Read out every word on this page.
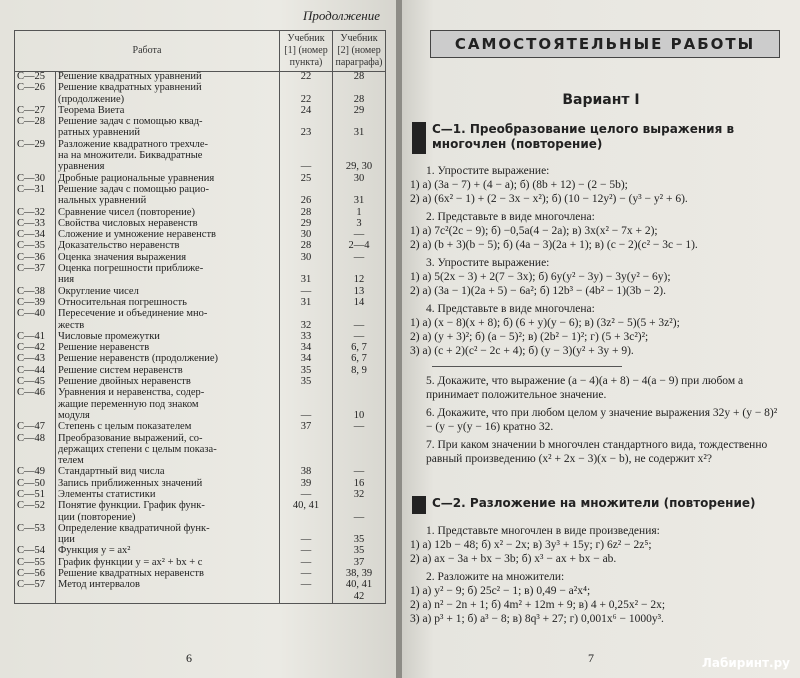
Продолжение
Работа		Учебник [1] (номер пункта)	Учебник [2] (номер параграфа)
С—25	Решение квадратных уравнений	22	28
С—26	Решение квадратных уравнений		
	(продолжение)	22	28
С—27	Теорема Виета	24	29
С—28	Решение задач с помощью квад-		
	ратных уравнений	23	31
С—29	Разложение квадратного трехчле-		
	на на множители. Биквадратные		
	уравнения	—	29, 30
С—30	Дробные рациональные уравнения	25	30
С—31	Решение задач с помощью рацио-		
	нальных уравнений	26	31
С—32	Сравнение чисел (повторение)	28	1
С—33	Свойства числовых неравенств	29	3
С—34	Сложение и умножение неравенств	30	—
С—35	Доказательство неравенств	28	2—4
С—36	Оценка значения выражения	30	—
С—37	Оценка погрешности приближе-		
	ния	31	12
С—38	Округление чисел	—	13
С—39	Относительная погрешность	31	14
С—40	Пересечение и объединение мно-		
	жеств	32	—
С—41	Числовые промежутки	33	—
С—42	Решение неравенств	34	6, 7
С—43	Решение неравенств (продолжение)	34	6, 7
С—44	Решение систем неравенств	35	8, 9
С—45	Решение двойных неравенств	35	
С—46	Уравнения и неравенства, содер-		
	жащие переменную под знаком		
	модуля	—	10
С—47	Степень с целым показателем	37	—
С—48	Преобразование выражений, со-		
	держащих степени с целым показа-		
	телем		
С—49	Стандартный вид числа	38	—
С—50	Запись приближенных значений	39	16
С—51	Элементы статистики	—	32
С—52	Понятие функции. График функ-	40, 41	
	ции (повторение)		—
С—53	Определение квадратичной функ-		
	ции	—	35
С—54	Функция y = ax²	—	35
С—55	График функции y = ax² + bx + c	—	37
С—56	Решение квадратных неравенств	—	38, 39
С—57	Метод интервалов	—	40, 41
			42
6
САМОСТОЯТЕЛЬНЫЕ РАБОТЫ
Вариант I
С—1. Преобразование целого выражения в многочлен (повторение)
1. Упростите выражение:
1) а) (3a − 7) + (4 − a); б) (8b + 12) − (2 − 5b);
2) а) (6x² − 1) + (2 − 3x − x²); б) (10 − 12y²) − (y³ − y² + 6).
2. Представьте в виде многочлена:
1) а) 7c²(2c − 9); б) −0,5a(4 − 2a); в) 3x(x² − 7x + 2);
2) а) (b + 3)(b − 5); б) (4a − 3)(2a + 1); в) (c − 2)(c² − 3c − 1).
3. Упростите выражение:
1) а) 5(2x − 3) + 2(7 − 3x); б) 6y(y² − 3y) − 3y(y² − 6y);
2) а) (3a − 1)(2a + 5) − 6a²; б) 12b³ − (4b² − 1)(3b − 2).
4. Представьте в виде многочлена:
1) а) (x − 8)(x + 8); б) (6 + y)(y − 6); в) (3z² − 5)(5 + 3z²);
2) а) (y + 3)²; б) (a − 5)²; в) (2b² − 1)²; г) (5 + 3c²)²;
3) а) (c + 2)(c² − 2c + 4); б) (y − 3)(y² + 3y + 9).
5. Докажите, что выражение (a − 4)(a + 8) − 4(a − 9) при любом a принимает положительное значение.
6. Докажите, что при любом целом y значение выражения 32y + (y − 8)² − (y − y(y − 16) кратно 32.
7. При каком значении b многочлен стандартного вида, тождественно равный произведению (x² + 2x − 3)(x − b), не содержит x²?
С—2. Разложение на множители (повторение)
1. Представьте многочлен в виде произведения:
1) а) 12b − 48; б) x² − 2x; в) 3y³ + 15y; г) 6z² − 2z⁵;
2) а) ax − 3a + bx − 3b; б) x³ − ax + bx − ab.
2. Разложите на множители:
1) а) y² − 9; б) 25c² − 1; в) 0,49 − a²x⁴;
2) а) n² − 2n + 1; б) 4m² + 12m + 9; в) 4 + 0,25x² − 2x;
3) а) p³ + 1; б) a³ − 8; в) 8q³ + 27; г) 0,001x⁶ − 1000y³.
7	Лабиринт.ру
